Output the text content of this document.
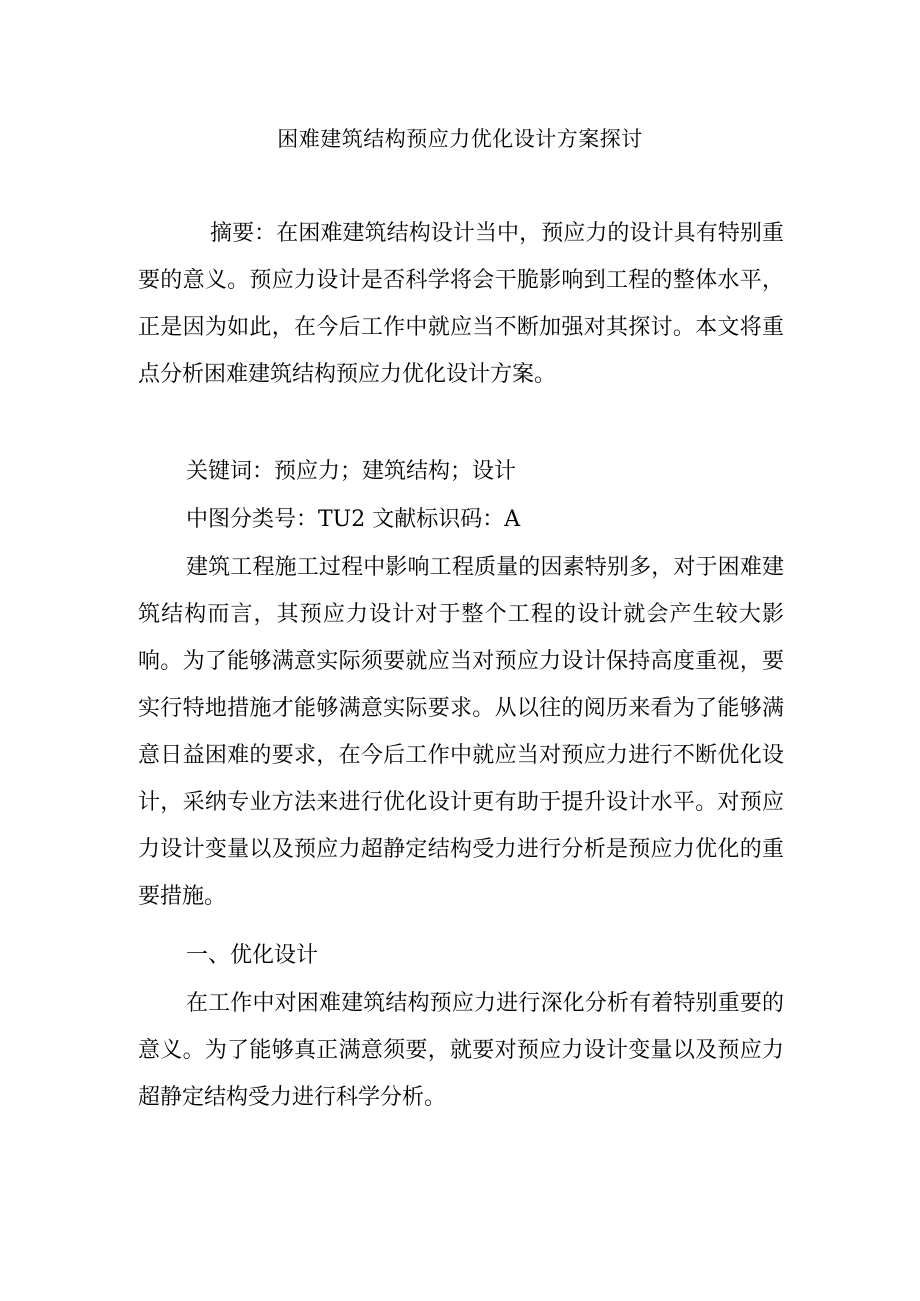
困难建筑结构预应力优化设计方案探讨

摘要：在困难建筑结构设计当中，预应力的设计具有特别重要的意义。预应力设计是否科学将会干脆影响到工程的整体水平，正是因为如此，在今后工作中就应当不断加强对其探讨。本文将重点分析困难建筑结构预应力优化设计方案。

关键词：预应力；建筑结构；设计
中图分类号：TU2 文献标识码：A

建筑工程施工过程中影响工程质量的因素特别多，对于困难建筑结构而言，其预应力设计对于整个工程的设计就会产生较大影响。为了能够满意实际须要就应当对预应力设计保持高度重视，要实行特地措施才能够满意实际要求。从以往的阅历来看为了能够满意日益困难的要求，在今后工作中就应当对预应力进行不断优化设计，采纳专业方法来进行优化设计更有助于提升设计水平。对预应力设计变量以及预应力超静定结构受力进行分析是预应力优化的重要措施。

一、优化设计

在工作中对困难建筑结构预应力进行深化分析有着特别重要的意义。为了能够真正满意须要，就要对预应力设计变量以及预应力超静定结构受力进行科学分析。
